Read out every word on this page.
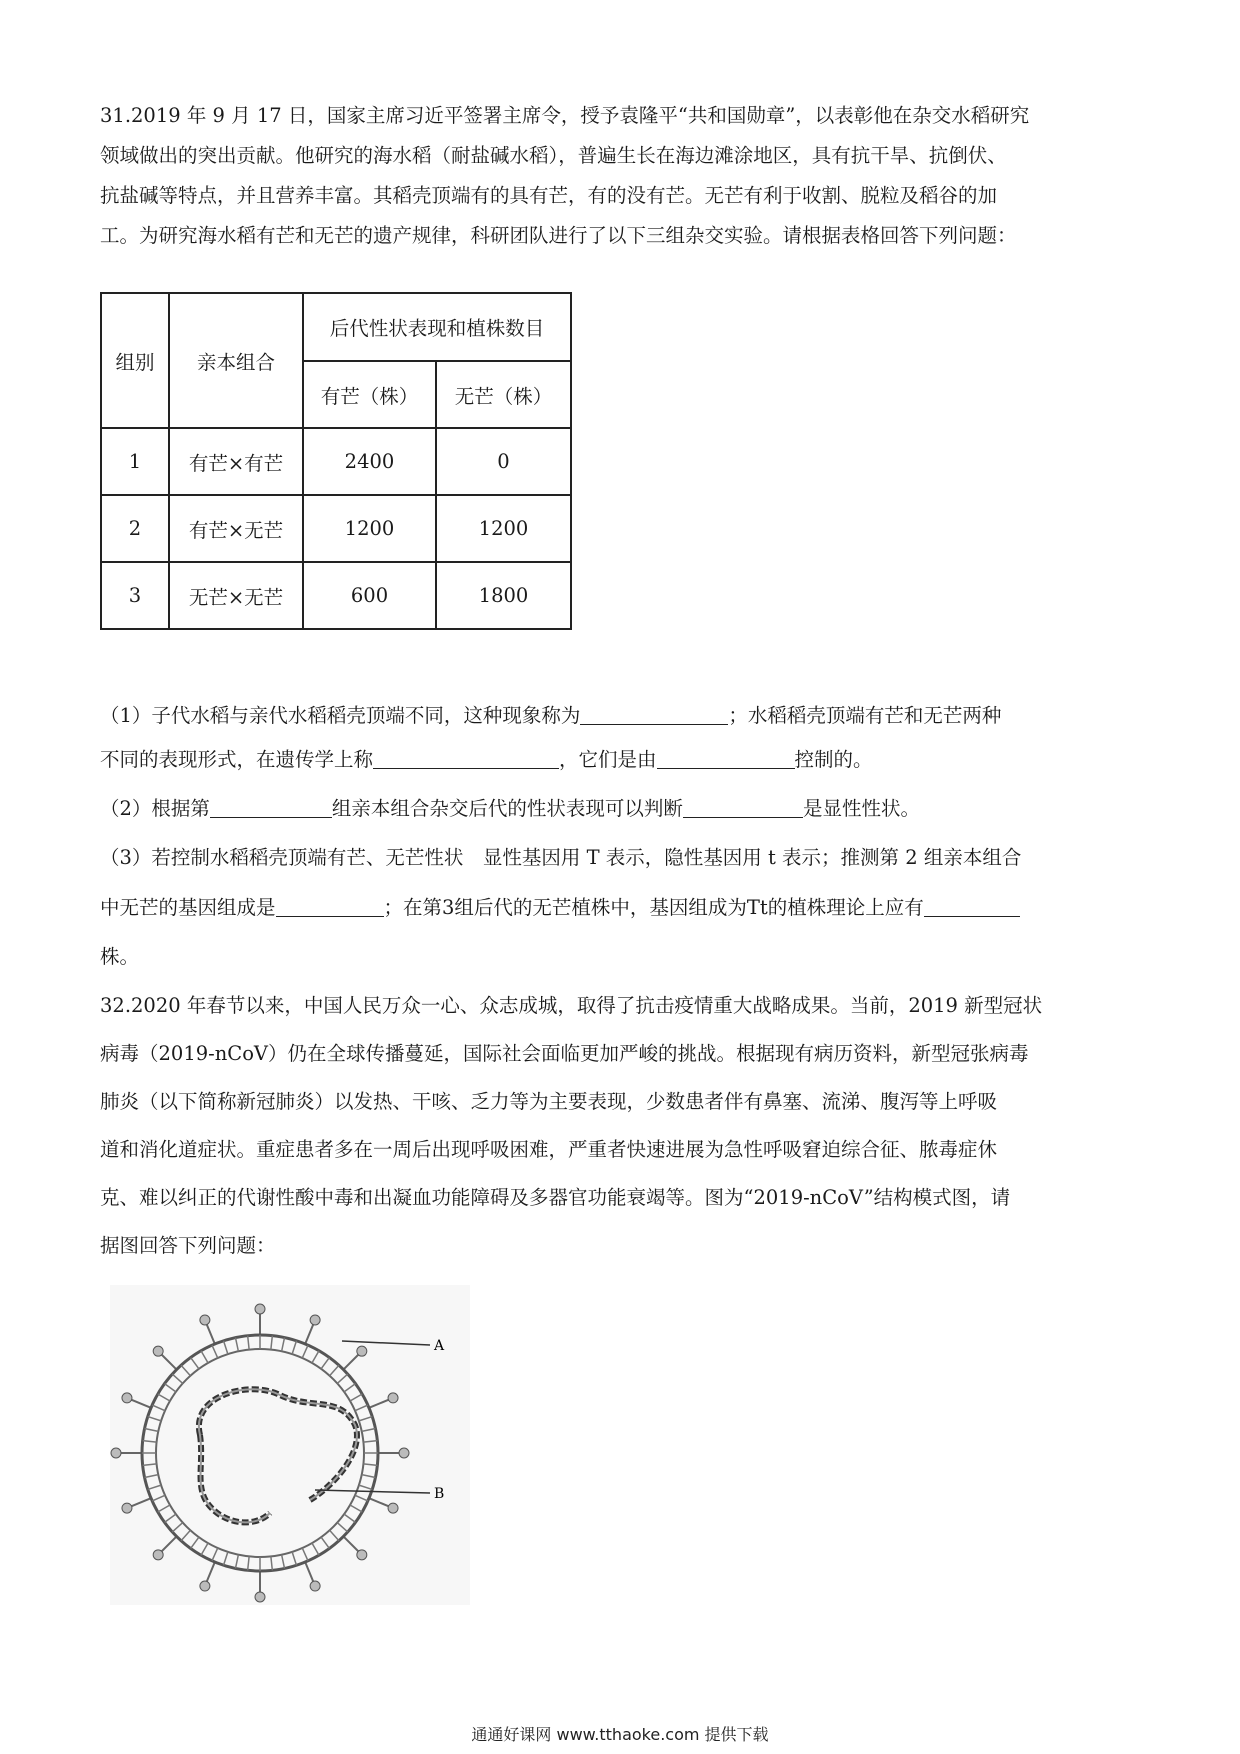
31.2019 年 9 月 17 日，国家主席习近平签署主席令，授予袁隆平“共和国勋章”，以表彰他在杂交水稻研究
领域做出的突出贡献。他研究的海水稻（耐盐碱水稻），普遍生长在海边滩涂地区，具有抗干旱、抗倒伏、
抗盐碱等特点，并且营养丰富。其稻壳顶端有的具有芒，有的没有芒。无芒有利于收割、脱粒及稻谷的加
工。为研究海水稻有芒和无芒的遗产规律，科研团队进行了以下三组杂交实验。请根据表格回答下列问题：
组别	亲本组合	后代性状表现和植株数目	
		有芒（株）	无芒（株）
1	有芒×有芒	2400	0
2	有芒×无芒	1200	1200
3	无芒×无芒	600	1800
（1）子代水稻与亲代水稻稻壳顶端不同，这种现象称为	；水稻稻壳顶端有芒和无芒两种
不同的表现形式，在遗传学上称	，它们是由	控制的。
（2）根据第	组亲本组合杂交后代的性状表现可以判断	是显性性状。
（3）若控制水稻稻壳顶端有芒、无芒性状　显性基因用 T 表示，隐性基因用 t 表示；推测第 2 组亲本组合
中无芒的基因组成是	；在第3组后代的无芒植株中，基因组成为Tt的植株理论上应有
株。
32.2020 年春节以来，中国人民万众一心、众志成城，取得了抗击疫情重大战略成果。当前，2019 新型冠状
病毒（2019-nCoV）仍在全球传播蔓延，国际社会面临更加严峻的挑战。根据现有病历资料，新型冠张病毒
肺炎（以下简称新冠肺炎）以发热、干咳、乏力等为主要表现，少数患者伴有鼻塞、流涕、腹泻等上呼吸
道和消化道症状。重症患者多在一周后出现呼吸困难，严重者快速进展为急性呼吸窘迫综合征、脓毒症休
克、难以纠正的代谢性酸中毒和出凝血功能障碍及多器官功能衰竭等。图为“2019-nCoV”结构模式图，请
据图回答下列问题：
A
B
通通好课网 www.tthaoke.com 提供下载
